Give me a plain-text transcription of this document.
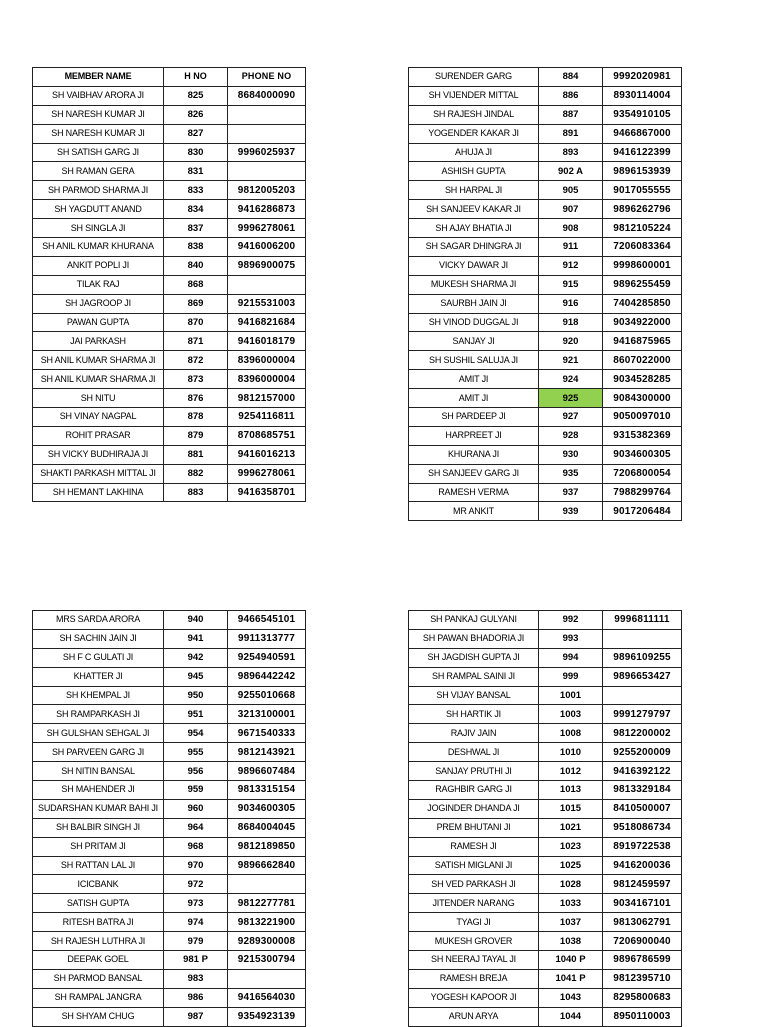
MEMBER NAME	H NO	PHONE NO
SH VAIBHAV ARORA JI	825	8684000090
SH NARESH KUMAR JI	826	
SH NARESH KUMAR JI	827	
SH SATISH GARG JI	830	9996025937
SH RAMAN GERA	831	
SH PARMOD SHARMA JI	833	9812005203
SH YAGDUTT ANAND	834	9416286873
SH SINGLA JI	837	9996278061
SH ANIL KUMAR KHURANA	838	9416006200
ANKIT POPLI JI	840	9896900075
TILAK RAJ	868	
SH JAGROOP JI	869	9215531003
PAWAN GUPTA	870	9416821684
JAI PARKASH	871	9416018179
SH ANIL KUMAR SHARMA JI	872	8396000004
SH ANIL KUMAR SHARMA JI	873	8396000004
SH NITU	876	9812157000
SH VINAY NAGPAL	878	9254116811
ROHIT PRASAR	879	8708685751
SH VICKY BUDHIRAJA JI	881	9416016213
SHAKTI PARKASH MITTAL JI	882	9996278061
SH HEMANT LAKHINA	883	9416358701
SURENDER GARG	884	9992020981
SH VIJENDER MITTAL	886	8930114004
SH RAJESH JINDAL	887	9354910105
YOGENDER KAKAR JI	891	9466867000
AHUJA JI	893	9416122399
ASHISH GUPTA	902 A	9896153939
SH HARPAL JI	905	9017055555
SH SANJEEV KAKAR JI	907	9896262796
SH AJAY BHATIA JI	908	9812105224
SH SAGAR DHINGRA JI	911	7206083364
VICKY DAWAR JI	912	9998600001
MUKESH SHARMA JI	915	9896255459
SAURBH JAIN JI	916	7404285850
SH VINOD DUGGAL JI	918	9034922000
SANJAY JI	920	9416875965
SH SUSHIL SALUJA JI	921	8607022000
AMIT JI	924	9034528285
AMIT JI	925	9084300000
SH PARDEEP JI	927	9050097010
HARPREET JI	928	9315382369
KHURANA JI	930	9034600305
SH SANJEEV GARG JI	935	7206800054
RAMESH VERMA	937	7988299764
MR ANKIT	939	9017206484
MRS SARDA ARORA	940	9466545101
SH SACHIN JAIN JI	941	9911313777
SH F C GULATI JI	942	9254940591
KHATTER JI	945	9896442242
SH KHEMPAL JI	950	9255010668
SH RAMPARKASH JI	951	3213100001
SH GULSHAN SEHGAL JI	954	9671540333
SH PARVEEN GARG JI	955	9812143921
SH NITIN BANSAL	956	9896607484
SH MAHENDER JI	959	9813315154
SUDARSHAN KUMAR BAHI JI	960	9034600305
SH BALBIR SINGH JI	964	8684004045
SH PRITAM JI	968	9812189850
SH RATTAN LAL JI	970	9896662840
ICICBANK	972	
SATISH GUPTA	973	9812277781
RITESH BATRA JI	974	9813221900
SH RAJESH LUTHRA JI	979	9289300008
DEEPAK GOEL	981 P	9215300794
SH PARMOD BANSAL	983	
SH RAMPAL JANGRA	986	9416564030
SH SHYAM CHUG	987	9354923139
SH PANKAJ GULYANI	992	9996811111
SH PAWAN BHADORIA JI	993	
SH JAGDISH GUPTA JI	994	9896109255
SH RAMPAL SAINI JI	999	9896653427
SH VIJAY BANSAL	1001	
SH HARTIK JI	1003	9991279797
RAJIV JAIN	1008	9812200002
DESHWAL JI	1010	9255200009
SANJAY PRUTHI JI	1012	9416392122
RAGHBIR GARG JI	1013	9813329184
JOGINDER DHANDA JI	1015	8410500007
PREM BHUTANI JI	1021	9518086734
RAMESH JI	1023	8919722538
SATISH MIGLANI JI	1025	9416200036
SH VED PARKASH JI	1028	9812459597
JITENDER NARANG	1033	9034167101
TYAGI JI	1037	9813062791
MUKESH GROVER	1038	7206900040
SH NEERAJ TAYAL JI	1040 P	9896786599
RAMESH BREJA	1041 P	9812395710
YOGESH KAPOOR JI	1043	8295800683
ARUN ARYA	1044	8950110003
